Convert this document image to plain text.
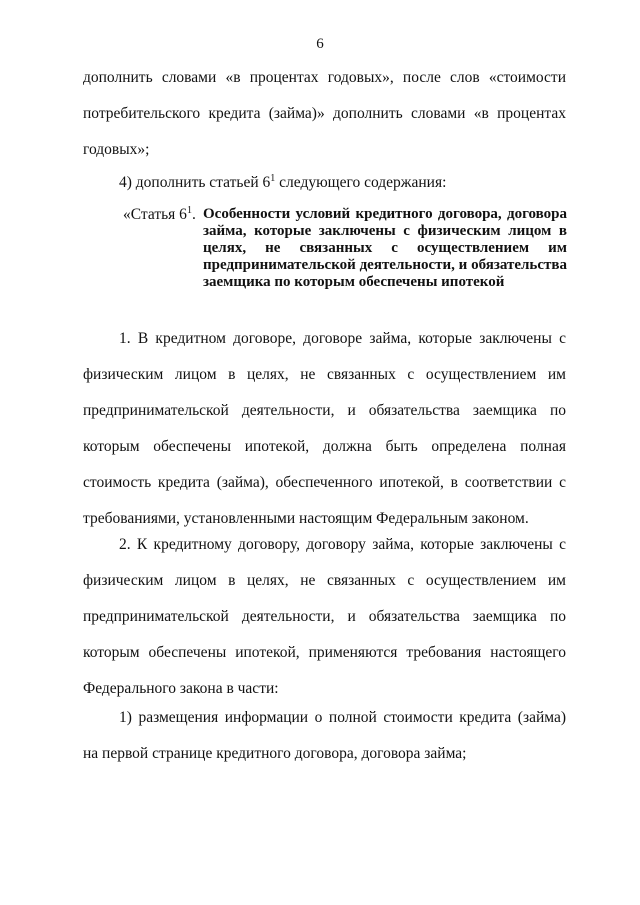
6
дополнить словами «в процентах годовых», после слов «стоимости потребительского кредита (займа)» дополнить словами «в процентах годовых»;
4) дополнить статьей $6^1$ следующего содержания:
«Статья $6^1$. Особенности условий кредитного договора, договора займа, которые заключены с физическим лицом в целях, не связанных с осуществлением им предпринимательской деятельности, и обязательства заемщика по которым обеспечены ипотекой
1. В кредитном договоре, договоре займа, которые заключены с физическим лицом в целях, не связанных с осуществлением им предпринимательской деятельности, и обязательства заемщика по которым обеспечены ипотекой, должна быть определена полная стоимость кредита (займа), обеспеченного ипотекой, в соответствии с требованиями, установленными настоящим Федеральным законом.
2. К кредитному договору, договору займа, которые заключены с физическим лицом в целях, не связанных с осуществлением им предпринимательской деятельности, и обязательства заемщика по которым обеспечены ипотекой, применяются требования настоящего Федерального закона в части:
1) размещения информации о полной стоимости кредита (займа) на первой странице кредитного договора, договора займа;
